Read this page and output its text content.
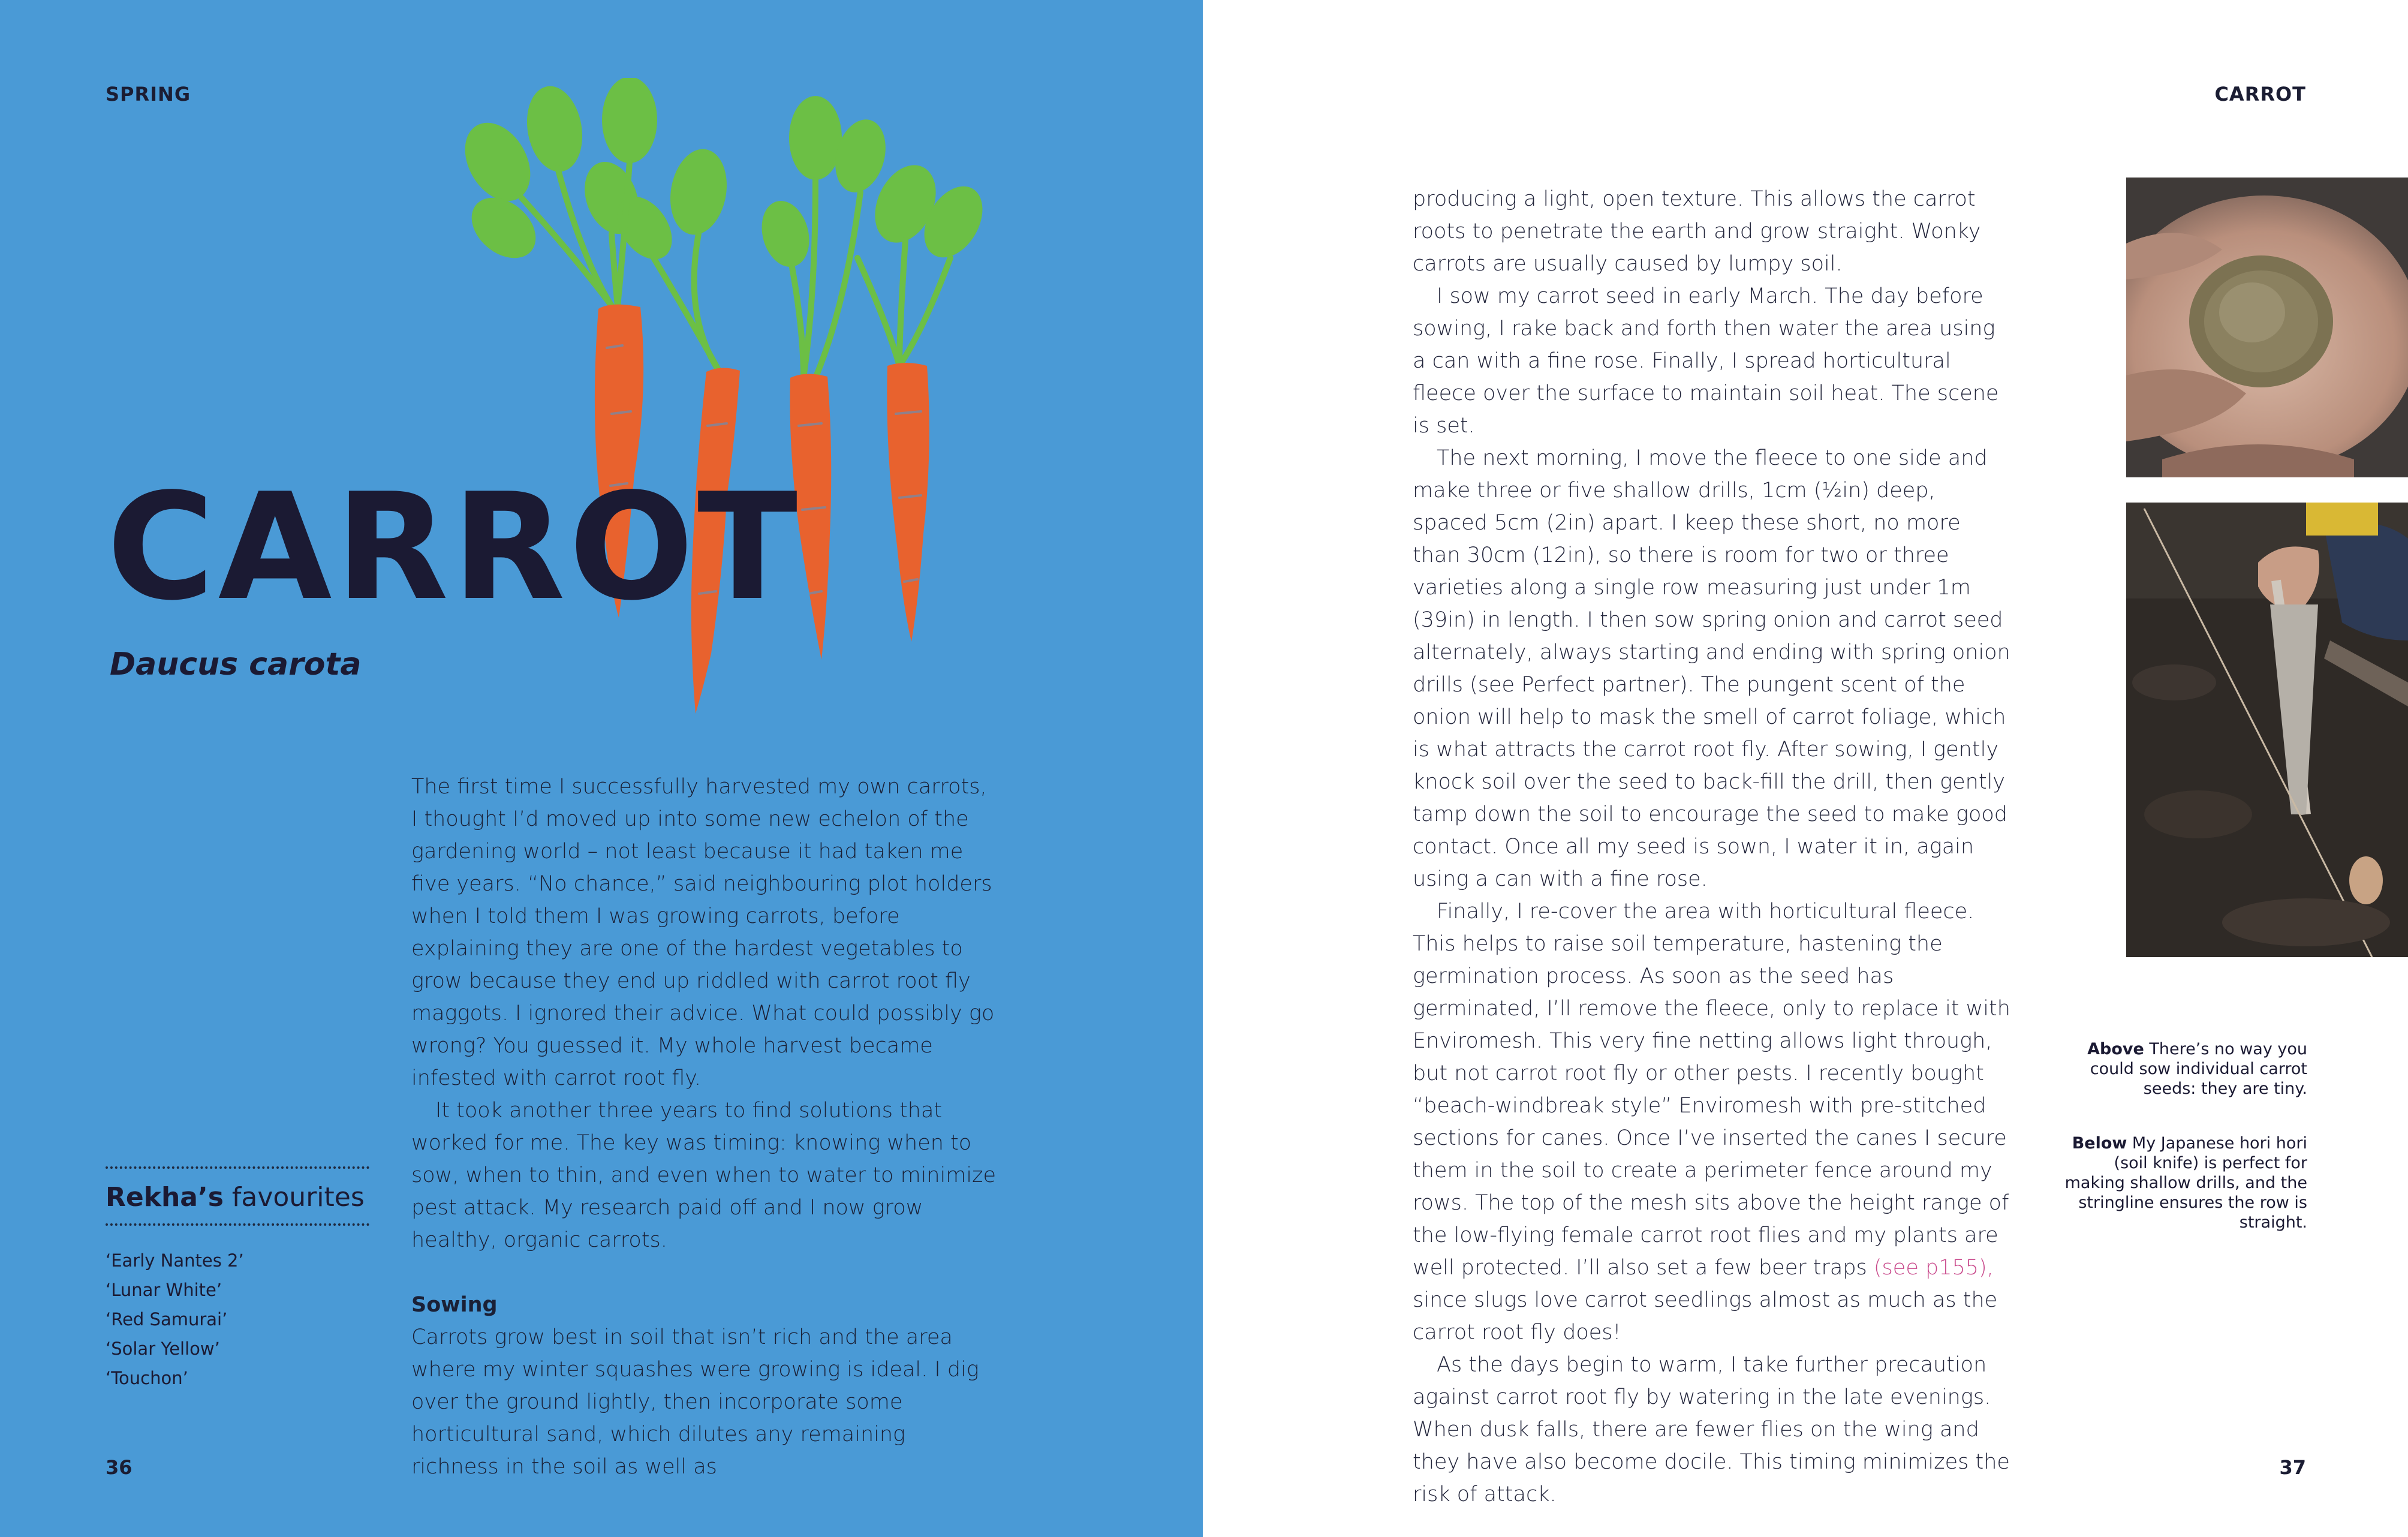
SPRING
CARROT
Daucus carota

The first time I successfully harvested my own carrots, I thought I’d moved up into some new echelon of the gardening world – not least because it had taken me five years. “No chance,” said neighbouring plot holders when I told them I was growing carrots, before explaining they are one of the hardest vegetables to grow because they end up riddled with carrot root fly maggots. I ignored their advice. What could possibly go wrong? You guessed it. My whole harvest became infested with carrot root fly.

It took another three years to find solutions that worked for me. The key was timing: knowing when to sow, when to thin, and even when to water to minimize pest attack. My research paid off and I now grow healthy, organic carrots.

Sowing

Carrots grow best in soil that isn’t rich and the area where my winter squashes were growing is ideal. I dig over the ground lightly, then incorporate some horticultural sand, which dilutes any remaining richness in the soil as well as

Rekha’s favourites
‘Early Nantes 2’
‘Lunar White’
‘Red Samurai’
‘Solar Yellow’
‘Touchon’
36
CARROT

producing a light, open texture. This allows the carrot roots to penetrate the earth and grow straight. Wonky carrots are usually caused by lumpy soil.

I sow my carrot seed in early March. The day before sowing, I rake back and forth then water the area using a can with a fine rose. Finally, I spread horticultural fleece over the surface to maintain soil heat. The scene is set.

The next morning, I move the fleece to one side and make three or five shallow drills, 1cm (½in) deep, spaced 5cm (2in) apart. I keep these short, no more than 30cm (12in), so there is room for two or three varieties along a single row measuring just under 1m (39in) in length. I then sow spring onion and carrot seed alternately, always starting and ending with spring onion drills (see Perfect partner). The pungent scent of the onion will help to mask the smell of carrot foliage, which is what attracts the carrot root fly. After sowing, I gently knock soil over the seed to back-fill the drill, then gently tamp down the soil to encourage the seed to make good contact. Once all my seed is sown, I water it in, again using a can with a fine rose.

Finally, I re-cover the area with horticultural fleece. This helps to raise soil temperature, hastening the germination process. As soon as the seed has germinated, I’ll remove the fleece, only to replace it with Enviromesh. This very fine netting allows light through, but not carrot root fly or other pests. I recently bought “beach-windbreak style” Enviromesh with pre-stitched sections for canes. Once I’ve inserted the canes I secure them in the soil to create a perimeter fence around my rows. The top of the mesh sits above the height range of the low-flying female carrot root flies and my plants are well protected. I’ll also set a few beer traps (see p155), since slugs love carrot seedlings almost as much as the carrot root fly does!

As the days begin to warm, I take further precaution against carrot root fly by watering in the late evenings. When dusk falls, there are fewer flies on the wing and they have also become docile. This timing minimizes the risk of attack.

Above There’s no way you could sow individual carrot seeds: they are tiny.
Below My Japanese hori hori (soil knife) is perfect for making shallow drills, and the stringline ensures the row is straight.
37
